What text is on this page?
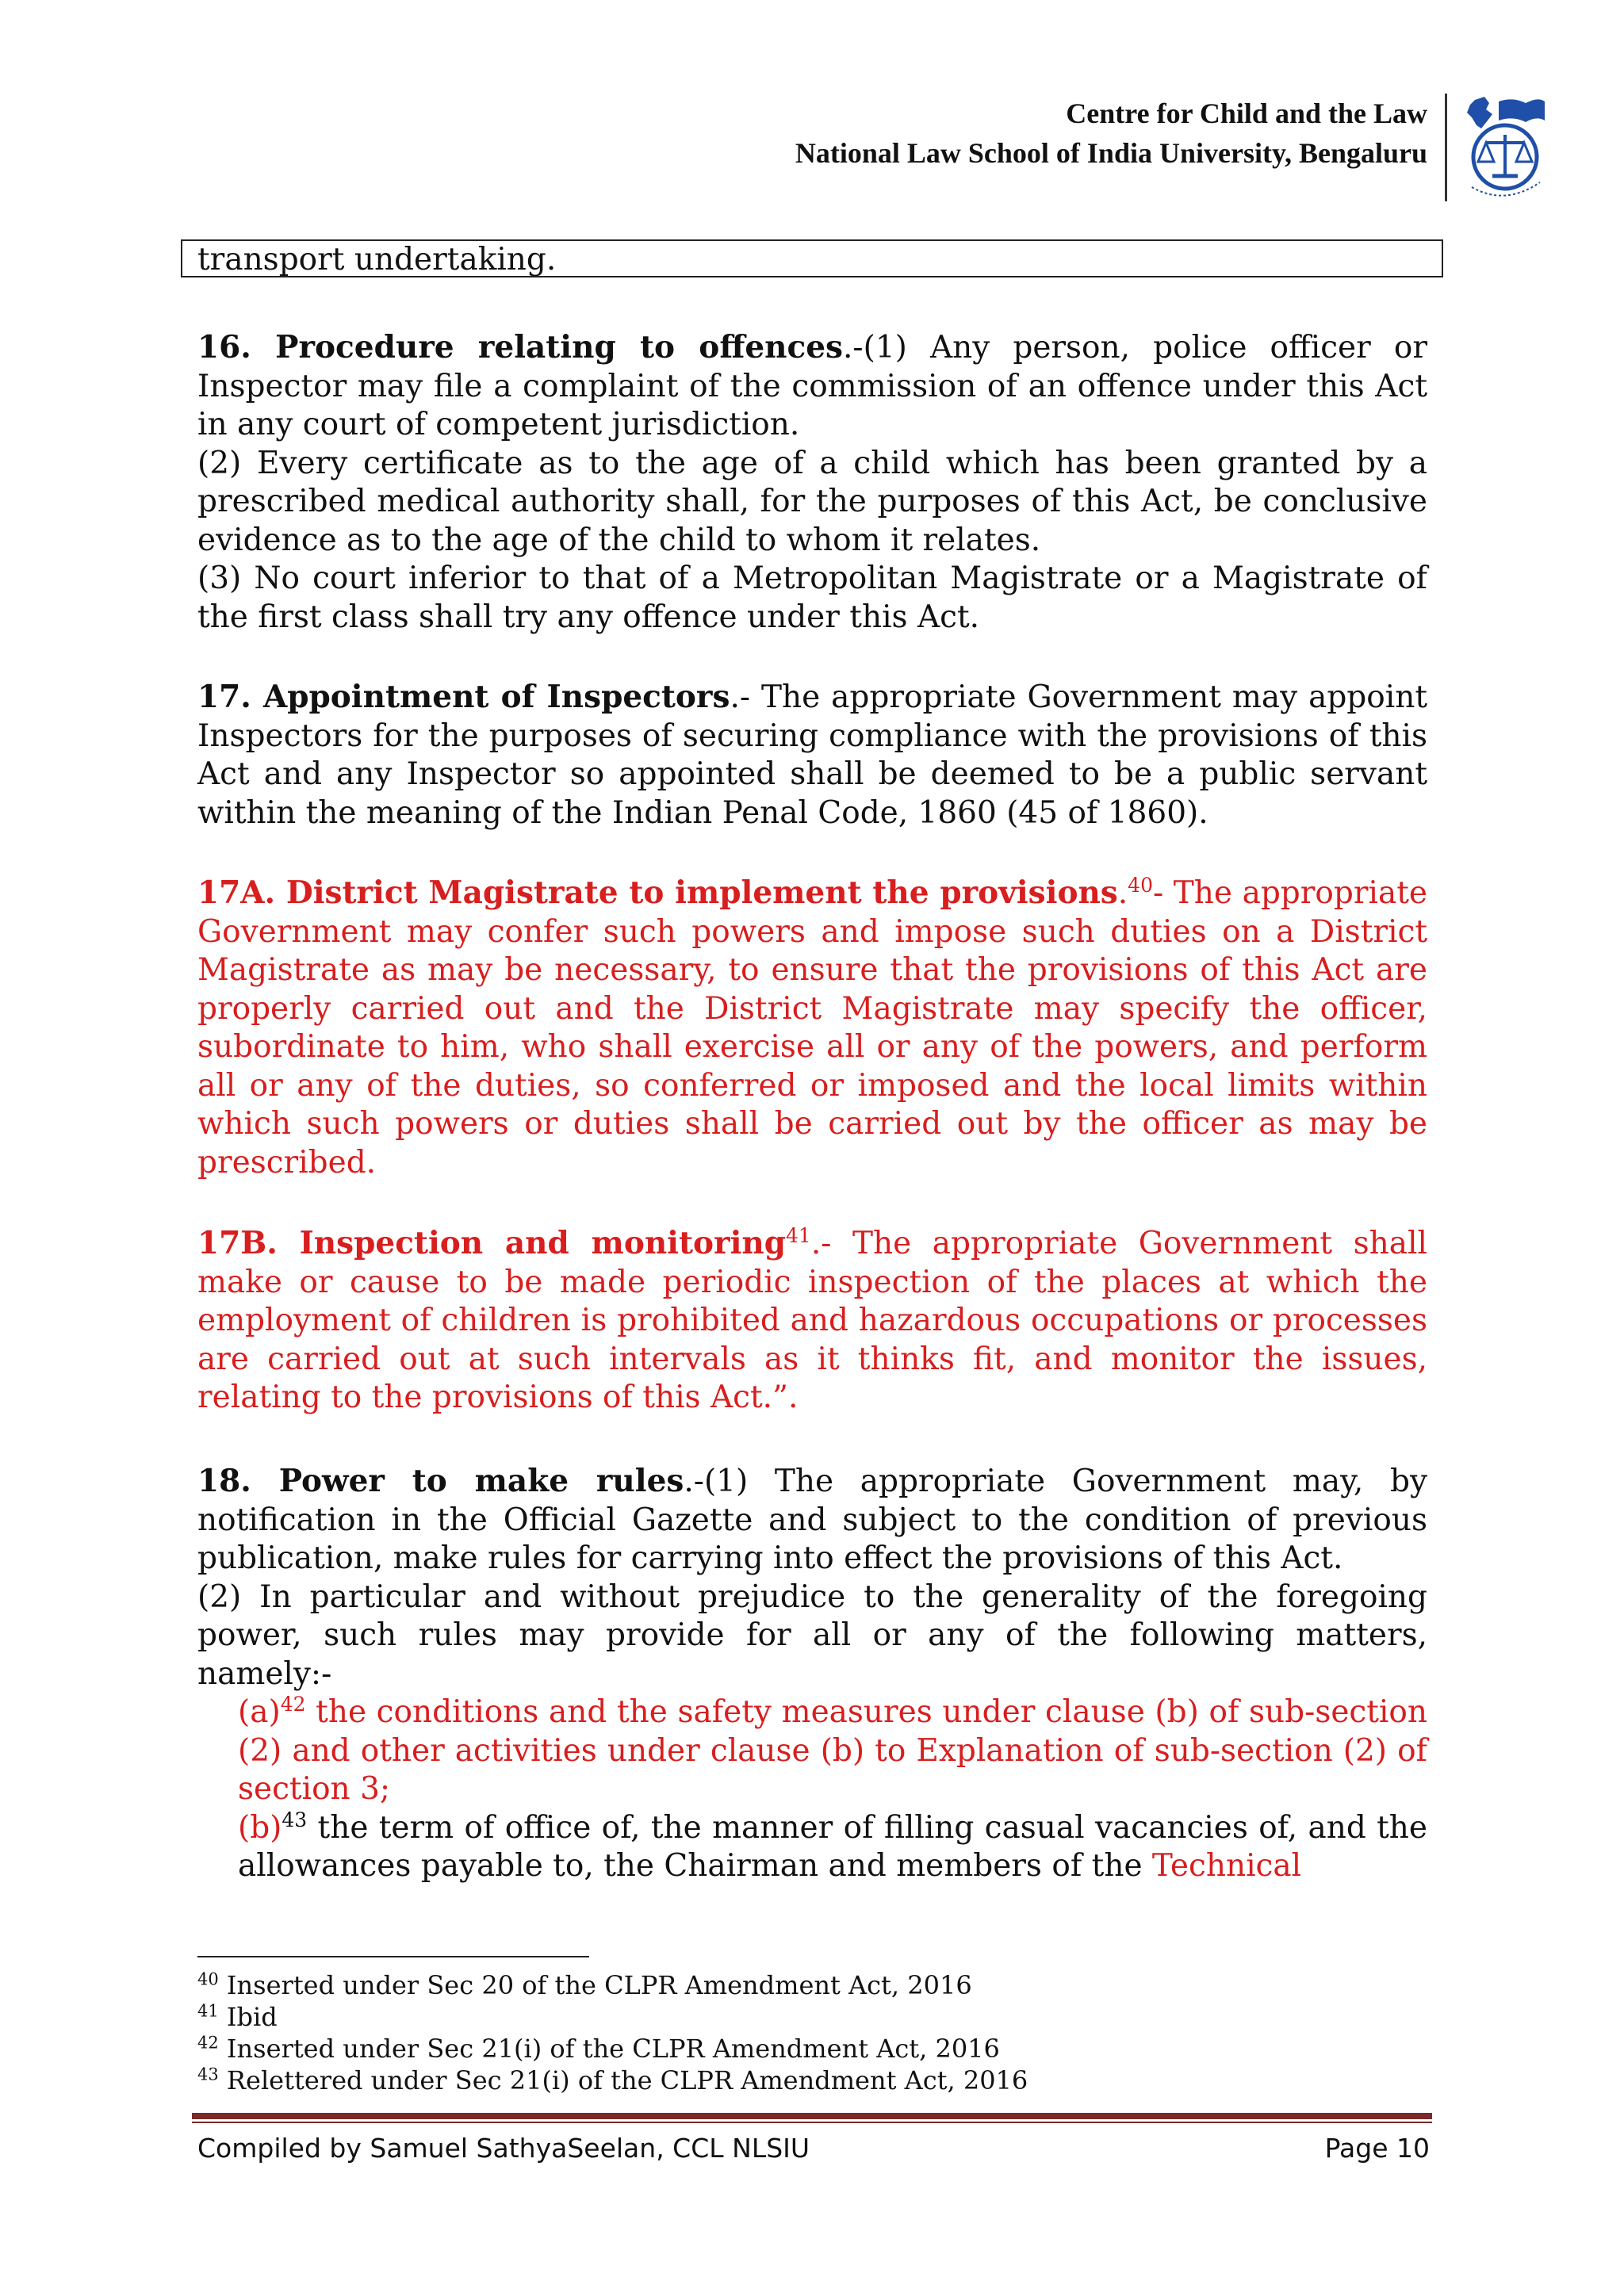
Centre for Child and the Law
National Law School of India University, Bengaluru
transport undertaking.

16. Procedure relating to offences.-(1) Any person, police officer or Inspector may file a complaint of the commission of an offence under this Act in any court of competent jurisdiction.

(2) Every certificate as to the age of a child which has been granted by a prescribed medical authority shall, for the purposes of this Act, be conclusive evidence as to the age of the child to whom it relates.

(3) No court inferior to that of a Metropolitan Magistrate or a Magistrate of the first class shall try any offence under this Act.

17. Appointment of Inspectors.- The appropriate Government may appoint Inspectors for the purposes of securing compliance with the provisions of this Act and any Inspector so appointed shall be deemed to be a public servant within the meaning of the Indian Penal Code, 1860 (45 of 1860).

17A. District Magistrate to implement the provisions.$^{40}$- The appropriate Government may confer such powers and impose such duties on a District Magistrate as may be necessary, to ensure that the provisions of this Act are properly carried out and the District Magistrate may specify the officer, subordinate to him, who shall exercise all or any of the powers, and perform all or any of the duties, so conferred or imposed and the local limits within which such powers or duties shall be carried out by the officer as may be prescribed.

17B. Inspection and monitoring$^{41}$.- The appropriate Government shall make or cause to be made periodic inspection of the places at which the employment of children is prohibited and hazardous occupations or processes are carried out at such intervals as it thinks fit, and monitor the issues, relating to the provisions of this Act.”.

18. Power to make rules.-(1) The appropriate Government may, by notification in the Official Gazette and subject to the condition of previous publication, make rules for carrying into effect the provisions of this Act.

(2) In particular and without prejudice to the generality of the foregoing power, such rules may provide for all or any of the following matters, namely:-

$(a)^{42}$ the conditions and the safety measures under clause (b) of sub-section (2) and other activities under clause (b) to Explanation of sub-section (2) of section 3;

$(b)^{43}$ the term of office of, the manner of filling casual vacancies of, and the allowances payable to, the Chairman and members of the Technical

$^{40}$ Inserted under Sec 20 of the CLPR Amendment Act, 2016
$^{41}$ Ibid
$^{42}$ Inserted under Sec 21(i) of the CLPR Amendment Act, 2016
$^{43}$ Relettered under Sec 21(i) of the CLPR Amendment Act, 2016
Compiled by Samuel SathyaSeelan, CCL NLSIU	Page 10
